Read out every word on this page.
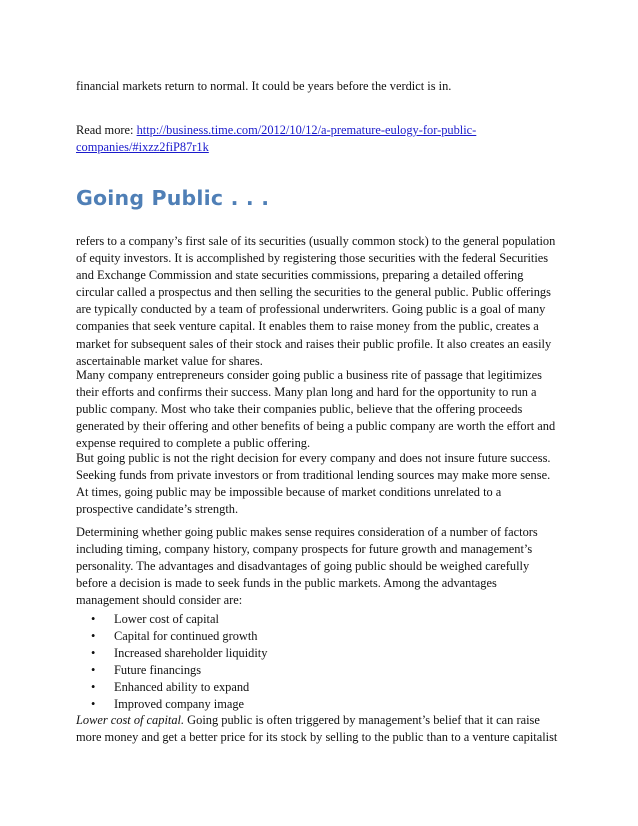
financial markets return to normal. It could be years before the verdict is in.

Read more: http://business.time.com/2012/10/12/a-premature-eulogy-for-public-

companies/#ixzz2fiP87r1k

Going Public . . .

refers to a company’s first sale of its securities (usually common stock) to the general population

of equity investors. It is accomplished by registering those securities with the federal Securities

and Exchange Commission and state securities commissions, preparing a detailed offering

circular called a prospectus and then selling the securities to the general public. Public offerings

are typically conducted by a team of professional underwriters. Going public is a goal of many

companies that seek venture capital. It enables them to raise money from the public, creates a

market for subsequent sales of their stock and raises their public profile. It also creates an easily

ascertainable market value for shares.

Many company entrepreneurs consider going public a business rite of passage that legitimizes

their efforts and confirms their success. Many plan long and hard for the opportunity to run a

public company. Most who take their companies public, believe that the offering proceeds

generated by their offering and other benefits of being a public company are worth the effort and

expense required to complete a public offering.

But going public is not the right decision for every company and does not insure future success.

Seeking funds from private investors or from traditional lending sources may make more sense.

At times, going public may be impossible because of market conditions unrelated to a

prospective candidate’s strength.

Determining whether going public makes sense requires consideration of a number of factors

including timing, company history, company prospects for future growth and management’s

personality. The advantages and disadvantages of going public should be weighed carefully

before a decision is made to seek funds in the public markets. Among the advantages

management should consider are:

• Lower cost of capital
• Capital for continued growth
• Increased shareholder liquidity
• Future financings
• Enhanced ability to expand
• Improved company image

Lower cost of capital. Going public is often triggered by management’s belief that it can raise

more money and get a better price for its stock by selling to the public than to a venture capitalist
